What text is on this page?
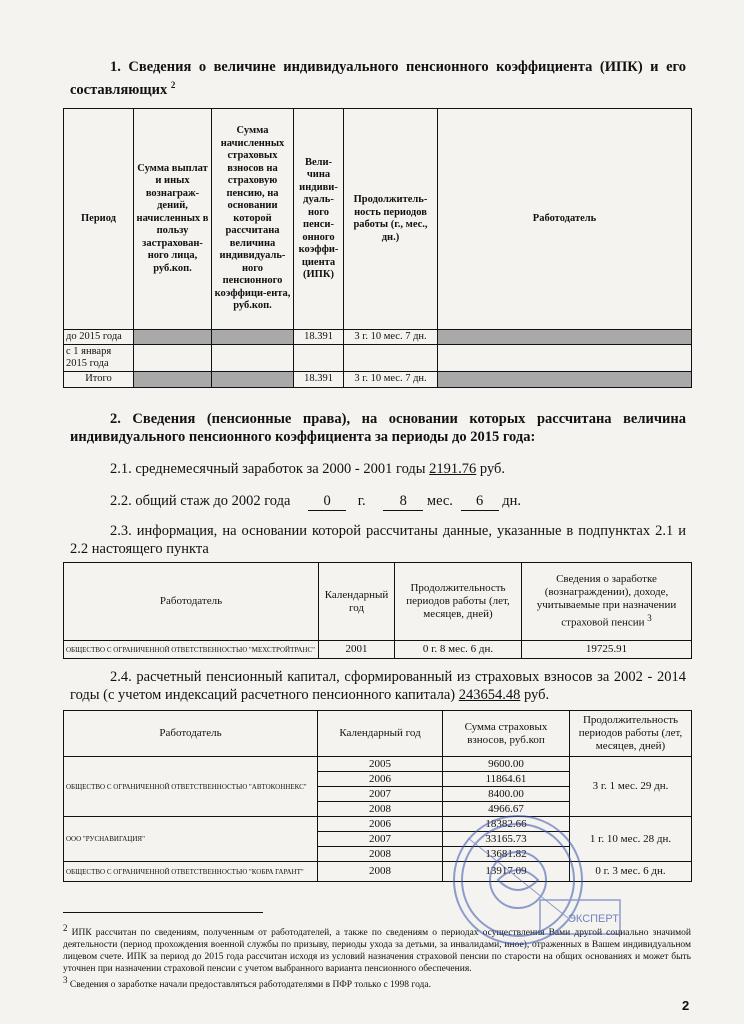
1. Сведения о величине индивидуального пенсионного коэффициента (ИПК) и его составляющих $^2$
Период	Сумма выплат и иных вознаграж-дений, начисленных в пользу застрахован-ного лица, руб.коп.	Сумма начисленных страховых взносов на страховую пенсию, на основании которой рассчитана величина индивидуаль-ного пенсионного коэффици-ента, руб.коп.	Вели-чина индиви-дуаль-ного пенси-онного коэффи-циента (ИПК)	Продолжитель-ность периодов работы (г., мес., дн.)	Работодатель
до 2015 года			18.391	3 г. 10 мес. 7 дн.	
с 1 января 2015 года					
Итого			18.391	3 г. 10 мес. 7 дн.	
2. Сведения (пенсионные права), на основании которых рассчитана величина индивидуального пенсионного коэффициента за периоды до 2015 года:
2.1. среднемесячный заработок за 2000 - 2001 годы 2191.76 руб.
2.2. общий стаж до 2002 года 0 г. 8 мес. 6 дн.
2.3. информация, на основании которой рассчитаны данные, указанные в подпунктах 2.1 и 2.2 настоящего пункта
Работодатель	Календарный год	Продолжительность периодов работы (лет, месяцев, дней)	Сведения о заработке (вознаграждении), доходе, учитываемые при назначении страховой пенсии $^3$
ОБЩЕСТВО С ОГРАНИЧЕННОЙ ОТВЕТСТВЕННОСТЬЮ "МЕХСТРОЙТРАНС"	2001	0 г. 8 мес. 6 дн.	19725.91
2.4. расчетный пенсионный капитал, сформированный из страховых взносов за 2002 - 2014 годы (с учетом индексаций расчетного пенсионного капитала) 243654.48 руб.
Работодатель	Календарный год	Сумма страховых взносов, руб.коп	Продолжительность периодов работы (лет, месяцев, дней)
ОБЩЕСТВО С ОГРАНИЧЕННОЙ ОТВЕТСТВЕННОСТЬЮ "АВТОКОННЕКС"	2005	9600.00	3 г. 1 мес. 29 дн.
	2006	11864.61	
	2007	8400.00	
	2008	4966.67	
ООО "РУСНАВИГАЦИЯ"	2006	18382.66	1 г. 10 мес. 28 дн.
	2007	33165.73	
	2008	13681.82	
ОБЩЕСТВО С ОГРАНИЧЕННОЙ ОТВЕТСТВЕННОСТЬЮ "КОБРА ГАРАНТ"	2008	13917.09	0 г. 3 мес. 6 дн.
2 ИПК рассчитан по сведениям, полученным от работодателей, а также по сведениям о периодах осуществления Вами другой социально значимой деятельности (период прохождения военной службы по призыву, периоды ухода за детьми, за инвалидами, иное), отраженных в Вашем индивидуальном лицевом счете. ИПК за период до 2015 года рассчитан исходя из условий назначения страховой пенсии по старости на общих основаниях и может быть уточнен при назначении страховой пенсии с учетом выбранного варианта пенсионного обеспечения.
3 Сведения о заработке начали предоставляться работодателями в ПФР только с 1998 года.
ЭКСПЕРТ
2
